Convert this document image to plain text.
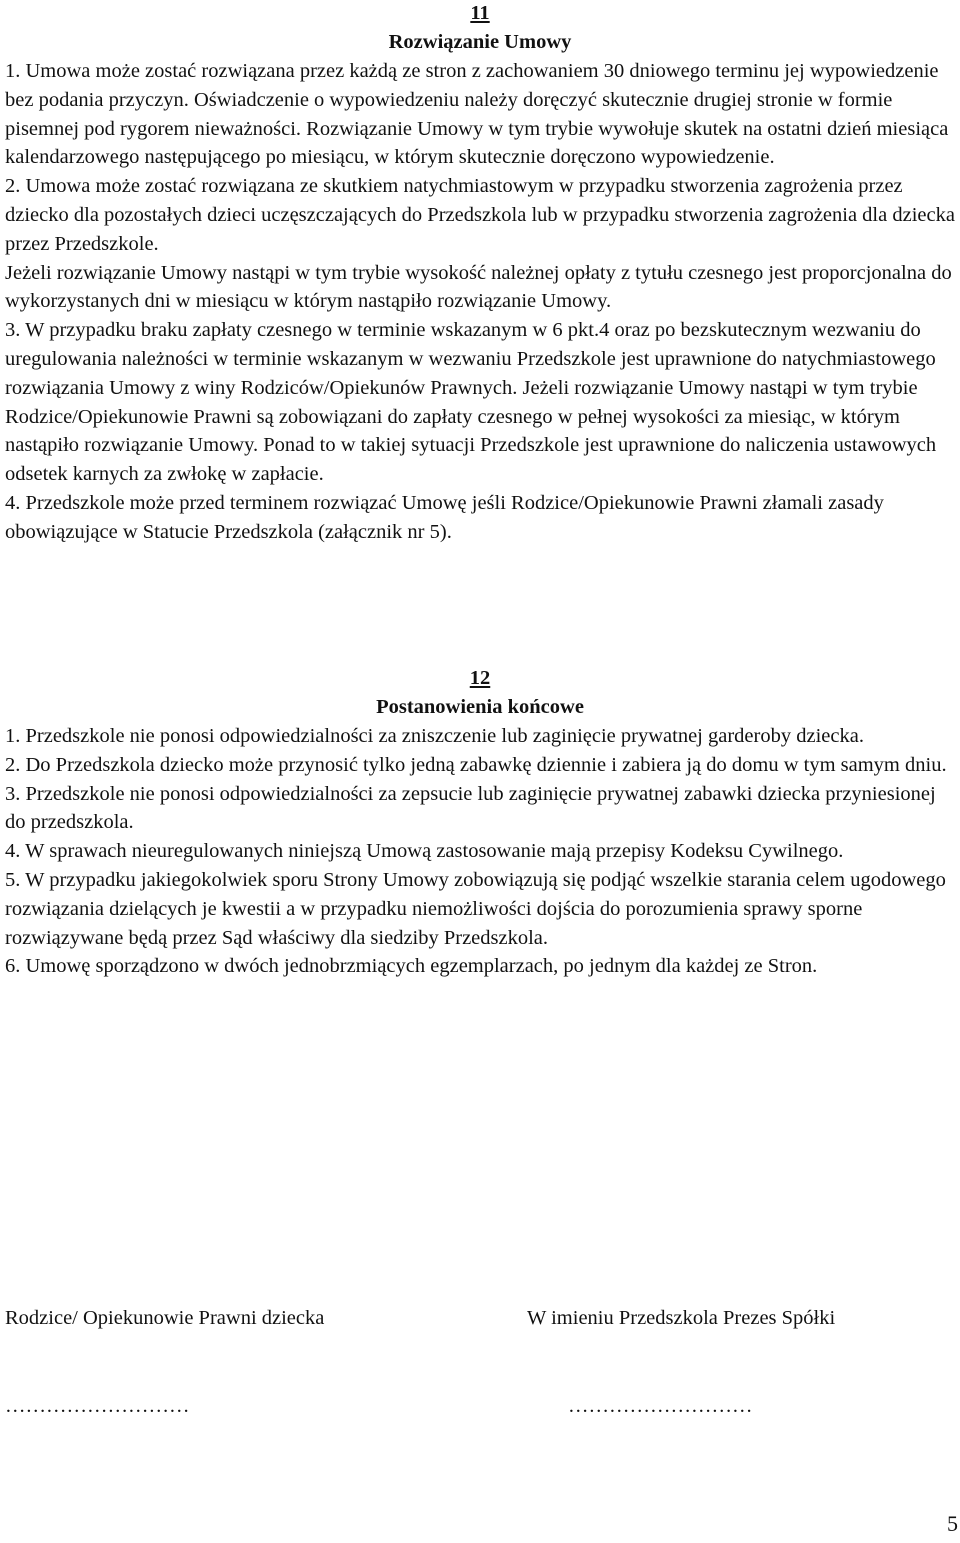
11

Rozwiązanie Umowy

1. Umowa może zostać rozwiązana przez każdą ze stron z zachowaniem 30 dniowego terminu jej wypowiedzenie bez podania przyczyn. Oświadczenie o wypowiedzeniu należy doręczyć skutecznie drugiej stronie w formie pisemnej pod rygorem nieważności. Rozwiązanie Umowy w tym trybie wywołuje skutek na ostatni dzień miesiąca kalendarzowego następującego po miesiącu, w którym skutecznie doręczono wypowiedzenie.

2. Umowa może zostać rozwiązana ze skutkiem natychmiastowym w przypadku stworzenia zagrożenia przez dziecko dla pozostałych dzieci uczęszczających do Przedszkola lub w przypadku stworzenia zagrożenia dla dziecka przez Przedszkole.

Jeżeli rozwiązanie Umowy nastąpi w tym trybie wysokość należnej opłaty z tytułu czesnego jest proporcjonalna do wykorzystanych dni w miesiącu w którym nastąpiło rozwiązanie Umowy.

3. W przypadku braku zapłaty czesnego w terminie wskazanym w 6 pkt.4 oraz po bezskutecznym wezwaniu do uregulowania należności w terminie wskazanym w wezwaniu Przedszkole jest uprawnione do natychmiastowego rozwiązania Umowy z winy Rodziców/Opiekunów Prawnych. Jeżeli rozwiązanie Umowy nastąpi w tym trybie Rodzice/Opiekunowie Prawni są zobowiązani do zapłaty czesnego w pełnej wysokości za miesiąc, w którym nastąpiło rozwiązanie Umowy. Ponad to w takiej sytuacji Przedszkole jest uprawnione do naliczenia ustawowych odsetek karnych za zwłokę w zapłacie.

4. Przedszkole może przed terminem rozwiązać Umowę jeśli Rodzice/Opiekunowie Prawni złamali zasady obowiązujące w Statucie Przedszkola (załącznik nr 5).

12

Postanowienia końcowe

1. Przedszkole nie ponosi odpowiedzialności za zniszczenie lub zaginięcie prywatnej garderoby dziecka.

2. Do Przedszkola dziecko może przynosić tylko jedną zabawkę dziennie i zabiera ją do domu w tym samym dniu.

3. Przedszkole nie ponosi odpowiedzialności za zepsucie lub zaginięcie prywatnej zabawki dziecka przyniesionej do przedszkola.

4. W sprawach nieuregulowanych niniejszą Umową zastosowanie mają przepisy Kodeksu Cywilnego.

5. W przypadku jakiegokolwiek sporu Strony Umowy zobowiązują się podjąć wszelkie starania celem ugodowego rozwiązania dzielących je kwestii a w przypadku niemożliwości dojścia do porozumienia sprawy sporne rozwiązywane będą przez Sąd właściwy dla siedziby Przedszkola.

6. Umowę sporządzono w dwóch jednobrzmiących egzemplarzach, po jednym dla każdej ze Stron.

Rodzice/ Opiekunowie Prawni dziecka	W imieniu Przedszkola Prezes Spółki
………………………	………………………
5
